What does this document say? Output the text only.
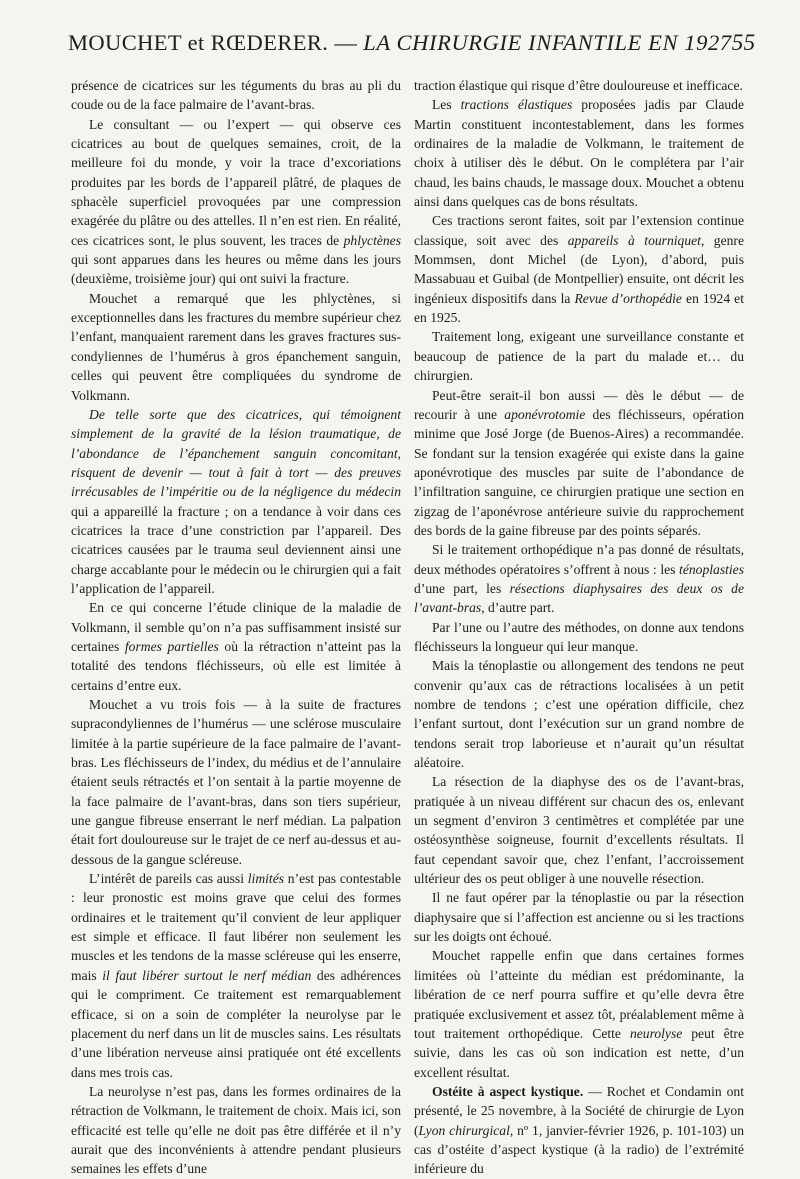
MOUCHET et RŒDERER. — LA CHIRURGIE INFANTILE EN 1927 55

présence de cicatrices sur les téguments du bras au pli du coude ou de la face palmaire de l’avant-bras.

Le consultant — ou l’expert — qui observe ces cicatrices au bout de quelques semaines, croit, de la meilleure foi du monde, y voir la trace d’excoriations produites par les bords de l’appareil plâtré, de plaques de sphacèle superficiel provoquées par une compression exagérée du plâtre ou des attelles. Il n’en est rien. En réalité, ces cicatrices sont, le plus souvent, les traces de phlyctènes qui sont apparues dans les heures ou même dans les jours (deuxième, troisième jour) qui ont suivi la fracture.

Mouchet a remarqué que les phlyctènes, si exceptionnelles dans les fractures du membre supérieur chez l’enfant, manquaient rarement dans les graves fractures sus-condyliennes de l’humérus à gros épanchement sanguin, celles qui peuvent être compliquées du syndrome de Volkmann.

De telle sorte que des cicatrices, qui témoignent simplement de la gravité de la lésion traumatique, de l’abondance de l’épanchement sanguin concomitant, risquent de devenir — tout à fait à tort — des preuves irrécusables de l’impéritie ou de la négligence du médecin qui a appareillé la fracture ; on a tendance à voir dans ces cicatrices la trace d’une constriction par l’appareil. Des cicatrices causées par le trauma seul deviennent ainsi une charge accablante pour le médecin ou le chirurgien qui a fait l’application de l’appareil.

En ce qui concerne l’étude clinique de la maladie de Volkmann, il semble qu’on n’a pas suffisamment insisté sur certaines formes partielles où la rétraction n’atteint pas la totalité des tendons fléchisseurs, où elle est limitée à certains d’entre eux.

Mouchet a vu trois fois — à la suite de fractures supracondyliennes de l’humérus — une sclérose musculaire limitée à la partie supérieure de la face palmaire de l’avant-bras. Les fléchisseurs de l’index, du médius et de l’annulaire étaient seuls rétractés et l’on sentait à la partie moyenne de la face palmaire de l’avant-bras, dans son tiers supérieur, une gangue fibreuse enserrant le nerf médian. La palpation était fort douloureuse sur le trajet de ce nerf au-dessus et au-dessous de la gangue scléreuse.

L’intérêt de pareils cas aussi limités n’est pas contestable : leur pronostic est moins grave que celui des formes ordinaires et le traitement qu’il convient de leur appliquer est simple et efficace. Il faut libérer non seulement les muscles et les tendons de la masse scléreuse qui les enserre, mais il faut libérer surtout le nerf médian des adhérences qui le compriment. Ce traitement est remarquablement efficace, si on a soin de compléter la neurolyse par le placement du nerf dans un lit de muscles sains. Les résultats d’une libération nerveuse ainsi pratiquée ont été excellents dans mes trois cas.

La neurolyse n’est pas, dans les formes ordinaires de la rétraction de Volkmann, le traitement de choix. Mais ici, son efficacité est telle qu’elle ne doit pas être différée et il n’y aurait que des inconvénients à attendre pendant plusieurs semaines les effets d’une

traction élastique qui risque d’être douloureuse et inefficace.

Les tractions élastiques proposées jadis par Claude Martin constituent incontestablement, dans les formes ordinaires de la maladie de Volkmann, le traitement de choix à utiliser dès le début. On le complétera par l’air chaud, les bains chauds, le massage doux. Mouchet a obtenu ainsi dans quelques cas de bons résultats.

Ces tractions seront faites, soit par l’extension continue classique, soit avec des appareils à tourniquet, genre Mommsen, dont Michel (de Lyon), d’abord, puis Massabuau et Guibal (de Montpellier) ensuite, ont décrit les ingénieux dispositifs dans la Revue d’orthopédie en 1924 et en 1925.

Traitement long, exigeant une surveillance constante et beaucoup de patience de la part du malade et… du chirurgien.

Peut-être serait-il bon aussi — dès le début — de recourir à une aponévrotomie des fléchisseurs, opération minime que José Jorge (de Buenos-Aires) a recommandée. Se fondant sur la tension exagérée qui existe dans la gaine aponévrotique des muscles par suite de l’abondance de l’infiltration sanguine, ce chirurgien pratique une section en zigzag de l’aponévrose antérieure suivie du rapprochement des bords de la gaine fibreuse par des points séparés.

Si le traitement orthopédique n’a pas donné de résultats, deux méthodes opératoires s’offrent à nous : les ténoplasties d’une part, les résections diaphysaires des deux os de l’avant-bras, d’autre part.

Par l’une ou l’autre des méthodes, on donne aux tendons fléchisseurs la longueur qui leur manque.

Mais la ténoplastie ou allongement des tendons ne peut convenir qu’aux cas de rétractions localisées à un petit nombre de tendons ; c’est une opération difficile, chez l’enfant surtout, dont l’exécution sur un grand nombre de tendons serait trop laborieuse et n’aurait qu’un résultat aléatoire.

La résection de la diaphyse des os de l’avant-bras, pratiquée à un niveau différent sur chacun des os, enlevant un segment d’environ 3 centimètres et complétée par une ostéosynthèse soigneuse, fournit d’excellents résultats. Il faut cependant savoir que, chez l’enfant, l’accroissement ultérieur des os peut obliger à une nouvelle résection.

Il ne faut opérer par la ténoplastie ou par la résection diaphysaire que si l’affection est ancienne ou si les tractions sur les doigts ont échoué.

Mouchet rappelle enfin que dans certaines formes limitées où l’atteinte du médian est prédominante, la libération de ce nerf pourra suffire et qu’elle devra être pratiquée exclusivement et assez tôt, préalablement même à tout traitement orthopédique. Cette neurolyse peut être suivie, dans les cas où son indication est nette, d’un excellent résultat.

Ostéite à aspect kystique. — Rochet et Condamin ont présenté, le 25 novembre, à la Société de chirurgie de Lyon (Lyon chirurgical, nº 1, janvier-février 1926, p. 101-103) un cas d’ostéite d’aspect kystique (à la radio) de l’extrémité inférieure du
